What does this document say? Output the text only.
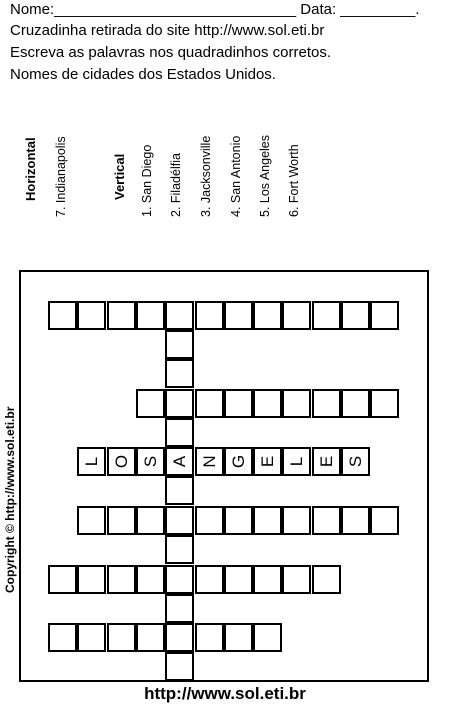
Nome:_____________________________ Data: _________.
Cruzadinha retirada do site http://www.sol.eti.br
Escreva as palavras nos quadradinhos corretos.
Nomes de cidades dos Estados Unidos.
Horizontal 7. Indianapolis	Vertical 1. San Diego 2. Filadélfia 3. Jacksonville 4. San Antonio 5. Los Angeles 6. Fort Worth
L O S A N G E L E S
Copyright © http://www.sol.eti.br
http://www.sol.eti.br
